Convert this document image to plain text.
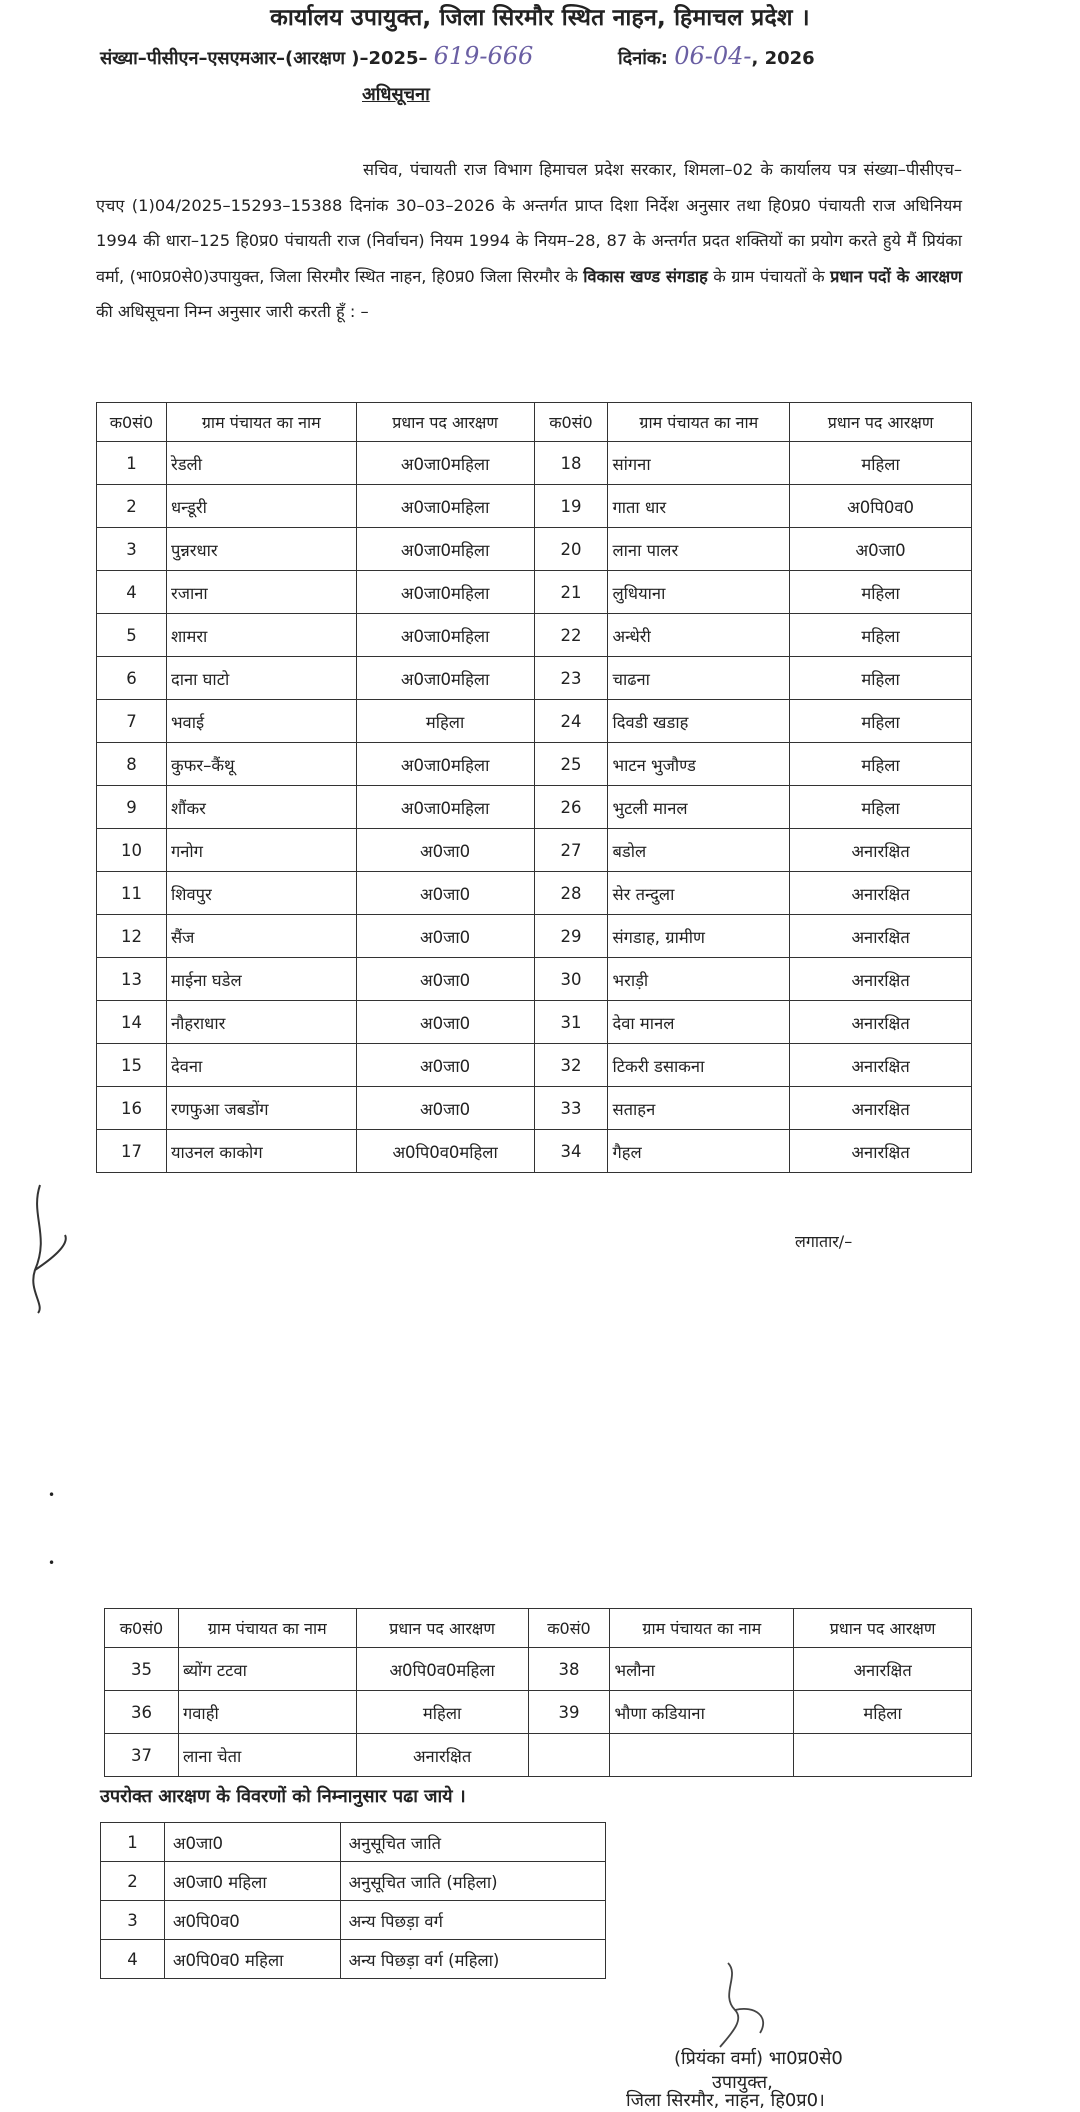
कार्यालय उपायुक्त, जिला सिरमौर स्थित नाहन, हिमाचल प्रदेश ।
संख्या–पीसीएन–एसएमआर–(आरक्षण )–2025– 619-666	दिनांक: 06-04-, 2026
अधिसूचना
सचिव, पंचायती राज विभाग हिमाचल प्रदेश सरकार, शिमला–02 के कार्यालय पत्र संख्या–पीसीएच–एचए (1)04/2025–15293–15388 दिनांक 30–03–2026 के अन्तर्गत प्राप्त दिशा निर्देश अनुसार तथा हि0प्र0 पंचायती राज अधिनियम 1994 की धारा–125 हि0प्र0 पंचायती राज (निर्वाचन) नियम 1994 के नियम–28, 87 के अन्तर्गत प्रदत शक्तियों का प्रयोग करते हुये मैं प्रियंका वर्मा, (भा0प्र0से0)उपायुक्त, जिला सिरमौर स्थित नाहन, हि0प्र0 जिला सिरमौर के विकास खण्ड संगडाह के ग्राम पंचायतों के प्रधान पदों के आरक्षण की अधिसूचना निम्न अनुसार जारी करती हूँ : –
क0सं0	ग्राम पंचायत का नाम	प्रधान पद आरक्षण	क0सं0	ग्राम पंचायत का नाम	प्रधान पद आरक्षण
1	रेडली	अ0जा0महिला	18	सांगना	महिला
2	धन्डूरी	अ0जा0महिला	19	गाता धार	अ0पि0व0
3	पुन्नरधार	अ0जा0महिला	20	लाना पालर	अ0जा0
4	रजाना	अ0जा0महिला	21	लुधियाना	महिला
5	शामरा	अ0जा0महिला	22	अन्धेरी	महिला
6	दाना घाटो	अ0जा0महिला	23	चाढना	महिला
7	भवाई	महिला	24	दिवडी खडाह	महिला
8	कुफर–कैंथू	अ0जा0महिला	25	भाटन भुजौण्ड	महिला
9	शौंकर	अ0जा0महिला	26	भुटली मानल	महिला
10	गनोग	अ0जा0	27	बडोल	अनारक्षित
11	शिवपुर	अ0जा0	28	सेर तन्दुला	अनारक्षित
12	सैंज	अ0जा0	29	संगडाह, ग्रामीण	अनारक्षित
13	माईना घडेल	अ0जा0	30	भराड़ी	अनारक्षित
14	नौहराधार	अ0जा0	31	देवा मानल	अनारक्षित
15	देवना	अ0जा0	32	टिकरी डसाकना	अनारक्षित
16	रणफुआ जबडोंग	अ0जा0	33	सताहन	अनारक्षित
17	याउनल काकोग	अ0पि0व0महिला	34	गैहल	अनारक्षित
लगातार/–
•
•
क0सं0	ग्राम पंचायत का नाम	प्रधान पद आरक्षण	क0सं0	ग्राम पंचायत का नाम	प्रधान पद आरक्षण
35	ब्योंग टटवा	अ0पि0व0महिला	38	भलौना	अनारक्षित
36	गवाही	महिला	39	भौणा कडियाना	महिला
37	लाना चेता	अनारक्षित			
उपरोक्त आरक्षण के विवरणों को निम्नानुसार पढा जाये ।
1	अ0जा0	अनुसूचित जाति
2	अ0जा0 महिला	अनुसूचित जाति (महिला)
3	अ0पि0व0	अन्य पिछड़ा वर्ग
4	अ0पि0व0 महिला	अन्य पिछड़ा वर्ग (महिला)
(प्रियंका वर्मा) भा0प्र0से0
उपायुक्त,
जिला सिरमौर, नाहन, हि0प्र0।
